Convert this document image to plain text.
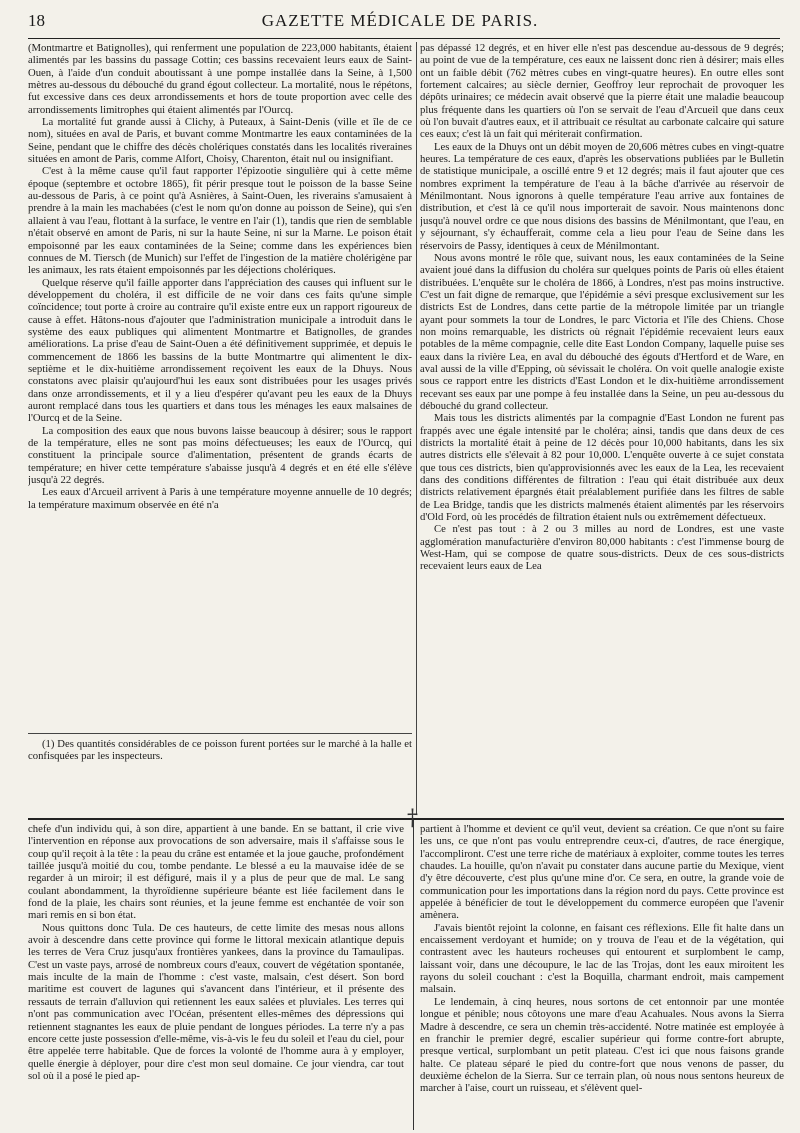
18	GAZETTE MÉDICALE DE PARIS.

(Montmartre et Batignolles), qui renferment une population de 223,000 habitants, étaient alimentés par les bassins du passage Cottin; ces bassins recevaient leurs eaux de Saint-Ouen, à l'aide d'un conduit aboutissant à une pompe installée dans la Seine, à 1,500 mètres au-dessous du débouché du grand égout collecteur. La mortalité, nous le répétons, fut excessive dans ces deux arrondissements et hors de toute proportion avec celle des arrondissements limitrophes qui étaient alimentés par l'Ourcq.

La mortalité fut grande aussi à Clichy, à Puteaux, à Saint-Denis (ville et île de ce nom), situées en aval de Paris, et buvant comme Montmartre les eaux contaminées de la Seine, pendant que le chiffre des décès cholériques constatés dans les localités riveraines situées en amont de Paris, comme Alfort, Choisy, Charenton, était nul ou insignifiant.

C'est à la même cause qu'il faut rapporter l'épizootie singulière qui à cette même époque (septembre et octobre 1865), fit périr presque tout le poisson de la basse Seine au-dessous de Paris, à ce point qu'à Asnières, à Saint-Ouen, les riverains s'amusaient à prendre à la main les machabées (c'est le nom qu'on donne au poisson de Seine), qui s'en allaient à vau l'eau, flottant à la surface, le ventre en l'air (1), tandis que rien de semblable n'était observé en amont de Paris, ni sur la haute Seine, ni sur la Marne. Le poison était empoisonné par les eaux contaminées de la Seine; comme dans les expériences bien connues de M. Tiersch (de Munich) sur l'effet de l'ingestion de la matière cholérigène par les animaux, les rats étaient empoisonnés par les déjections cholériques.

Quelque réserve qu'il faille apporter dans l'appréciation des causes qui influent sur le développement du choléra, il est difficile de ne voir dans ces faits qu'une simple coïncidence; tout porte à croire au contraire qu'il existe entre eux un rapport rigoureux de cause à effet. Hâtons-nous d'ajouter que l'administration municipale a introduit dans le système des eaux publiques qui alimentent Montmartre et Batignolles, de grandes améliorations. La prise d'eau de Saint-Ouen a été définitivement supprimée, et depuis le commencement de 1866 les bassins de la butte Montmartre qui alimentent le dix-septième et le dix-huitième arrondissement reçoivent les eaux de la Dhuys. Nous constatons avec plaisir qu'aujourd'hui les eaux sont distribuées pour les usages privés dans onze arrondissements, et il y a lieu d'espérer qu'avant peu les eaux de la Dhuys auront remplacé dans tous les quartiers et dans tous les ménages les eaux malsaines de l'Ourcq et de la Seine.

La composition des eaux que nous buvons laisse beaucoup à désirer; sous le rapport de la température, elles ne sont pas moins défectueuses; les eaux de l'Ourcq, qui constituent la principale source d'alimentation, présentent de grands écarts de température; en hiver cette température s'abaisse jusqu'à 4 degrés et en été elle s'élève jusqu'à 22 degrés.

Les eaux d'Arcueil arrivent à Paris à une température moyenne annuelle de 10 degrés; la température maximum observée en été n'a

pas dépassé 12 degrés, et en hiver elle n'est pas descendue au-dessous de 9 degrés; au point de vue de la température, ces eaux ne laissent donc rien à désirer; mais elles ont un faible débit (762 mètres cubes en vingt-quatre heures). En outre elles sont fortement calcaires; au siècle dernier, Geoffroy leur reprochait de provoquer les dépôts urinaires; ce médecin avait observé que la pierre était une maladie beaucoup plus fréquente dans les quartiers où l'on se servait de l'eau d'Arcueil que dans ceux où l'on buvait d'autres eaux, et il attribuait ce résultat au carbonate calcaire qui sature ces eaux; c'est là un fait qui mériterait confirmation.

Les eaux de la Dhuys ont un débit moyen de 20,606 mètres cubes en vingt-quatre heures. La température de ces eaux, d'après les observations publiées par le Bulletin de statistique municipale, a oscillé entre 9 et 12 degrés; mais il faut ajouter que ces nombres expriment la température de l'eau à la bâche d'arrivée au réservoir de Ménilmontant. Nous ignorons à quelle température l'eau arrive aux fontaines de distribution, et c'est là ce qu'il nous importerait de savoir. Nous maintenons donc jusqu'à nouvel ordre ce que nous disions des bassins de Ménilmontant, que l'eau, en y séjournant, s'y échaufferait, comme cela a lieu pour l'eau de Seine dans les réservoirs de Passy, identiques à ceux de Ménilmontant.

Nous avons montré le rôle que, suivant nous, les eaux contaminées de la Seine avaient joué dans la diffusion du choléra sur quelques points de Paris où elles étaient distribuées. L'enquête sur le choléra de 1866, à Londres, n'est pas moins instructive. C'est un fait digne de remarque, que l'épidémie a sévi presque exclusivement sur les districts Est de Londres, dans cette partie de la métropole limitée par un triangle ayant pour sommets la tour de Londres, le parc Victoria et l'île des Chiens. Chose non moins remarquable, les districts où régnait l'épidémie recevaient leurs eaux potables de la même compagnie, celle dite East London Company, laquelle puise ses eaux dans la rivière Lea, en aval du débouché des égouts d'Hertford et de Ware, en aval aussi de la ville d'Epping, où sévissait le choléra. On voit quelle analogie existe sous ce rapport entre les districts d'East London et le dix-huitième arrondissement recevant ses eaux par une pompe à feu installée dans la Seine, un peu au-dessous du débouché du grand collecteur.

Mais tous les districts alimentés par la compagnie d'East London ne furent pas frappés avec une égale intensité par le choléra; ainsi, tandis que dans deux de ces districts la mortalité était à peine de 12 décès pour 10,000 habitants, dans les six autres districts elle s'élevait à 82 pour 10,000. L'enquête ouverte à ce sujet constata que tous ces districts, bien qu'approvisionnés avec les eaux de la Lea, les recevaient dans des conditions différentes de filtration : l'eau qui était distribuée aux deux districts relativement épargnés était préalablement purifiée dans les filtres de sable de Lea Bridge, tandis que les districts malmenés étaient alimentés par les réservoirs d'Old Ford, où les procédés de filtration étaient nuls ou extrêmement défectueux.

Ce n'est pas tout : à 2 ou 3 milles au nord de Londres, est une vaste agglomération manufacturière d'environ 80,000 habitants : c'est l'immense bourg de West-Ham, qui se compose de quatre sous-districts. Deux de ces sous-districts recevaient leurs eaux de Lea

(1) Des quantités considérables de ce poisson furent portées sur le marché à la halle et confisquées par les inspecteurs.

†

chefe d'un individu qui, à son dire, appartient à une bande. En se battant, il crie vive l'intervention en réponse aux provocations de son adversaire, mais il s'affaisse sous le coup qu'il reçoit à la tête : la peau du crâne est entamée et la joue gauche, profondément taillée jusqu'à moitié du cou, tombe pendante. Le blessé a eu la mauvaise idée de se regarder à un miroir; il est défiguré, mais il y a plus de peur que de mal. Le sang coulant abondamment, la thyroïdienne supérieure béante est liée facilement dans le fond de la plaie, les chairs sont réunies, et la jeune femme est enchantée de voir son mari remis en si bon état.

Nous quittons donc Tula. De ces hauteurs, de cette limite des mesas nous allons avoir à descendre dans cette province qui forme le littoral mexicain atlantique depuis les terres de Vera Cruz jusqu'aux frontières yankees, dans la province du Tamaulipas. C'est un vaste pays, arrosé de nombreux cours d'eaux, couvert de végétation spontanée, mais inculte de la main de l'homme : c'est vaste, malsain, c'est désert. Son bord maritime est couvert de lagunes qui s'avancent dans l'intérieur, et il présente des ressauts de terrain d'alluvion qui retiennent les eaux salées et pluviales. Les terres qui n'ont pas communication avec l'Océan, présentent elles-mêmes des dépressions qui retiennent stagnantes les eaux de pluie pendant de longues périodes. La terre n'y a pas encore cette juste possession d'elle-même, vis-à-vis le feu du soleil et l'eau du ciel, pour être appelée terre habitable. Que de forces la volonté de l'homme aura à y employer, quelle énergie à déployer, pour dire c'est mon seul domaine. Ce jour viendra, car tout sol où il a posé le pied ap-

partient à l'homme et devient ce qu'il veut, devient sa création. Ce que n'ont su faire les uns, ce que n'ont pas voulu entreprendre ceux-ci, d'autres, de race énergique, l'accompliront. C'est une terre riche de matériaux à exploiter, comme toutes les terres chaudes. La houille, qu'on n'avait pu constater dans aucune partie du Mexique, vient d'y être découverte, c'est plus qu'une mine d'or. Ce sera, en outre, la grande voie de communication pour les importations dans la région nord du pays. Cette province est appelée à bénéficier de tout le développement du commerce européen que l'avenir amènera.

J'avais bientôt rejoint la colonne, en faisant ces réflexions. Elle fit halte dans un encaissement verdoyant et humide; on y trouva de l'eau et de la végétation, qui contrastent avec les hauteurs rocheuses qui entourent et surplombent le camp, laissant voir, dans une découpure, le lac de las Trojas, dont les eaux miroitent les rayons du soleil couchant : c'est la Boquilla, charmant endroit, mais campement malsain.

Le lendemain, à cinq heures, nous sortons de cet entonnoir par une montée longue et pénible; nous côtoyons une mare d'eau Acahuales. Nous avons la Sierra Madre à descendre, ce sera un chemin très-accidenté. Notre matinée est employée à en franchir le premier degré, escalier supérieur qui forme contre-fort abrupte, presque vertical, surplombant un petit plateau. C'est ici que nous faisons grande halte. Ce plateau séparé le pied du contre-fort que nous venons de passer, du deuxième échelon de la Sierra. Sur ce terrain plan, où nous nous sentons heureux de marcher à l'aise, court un ruisseau, et s'élèvent quel-
